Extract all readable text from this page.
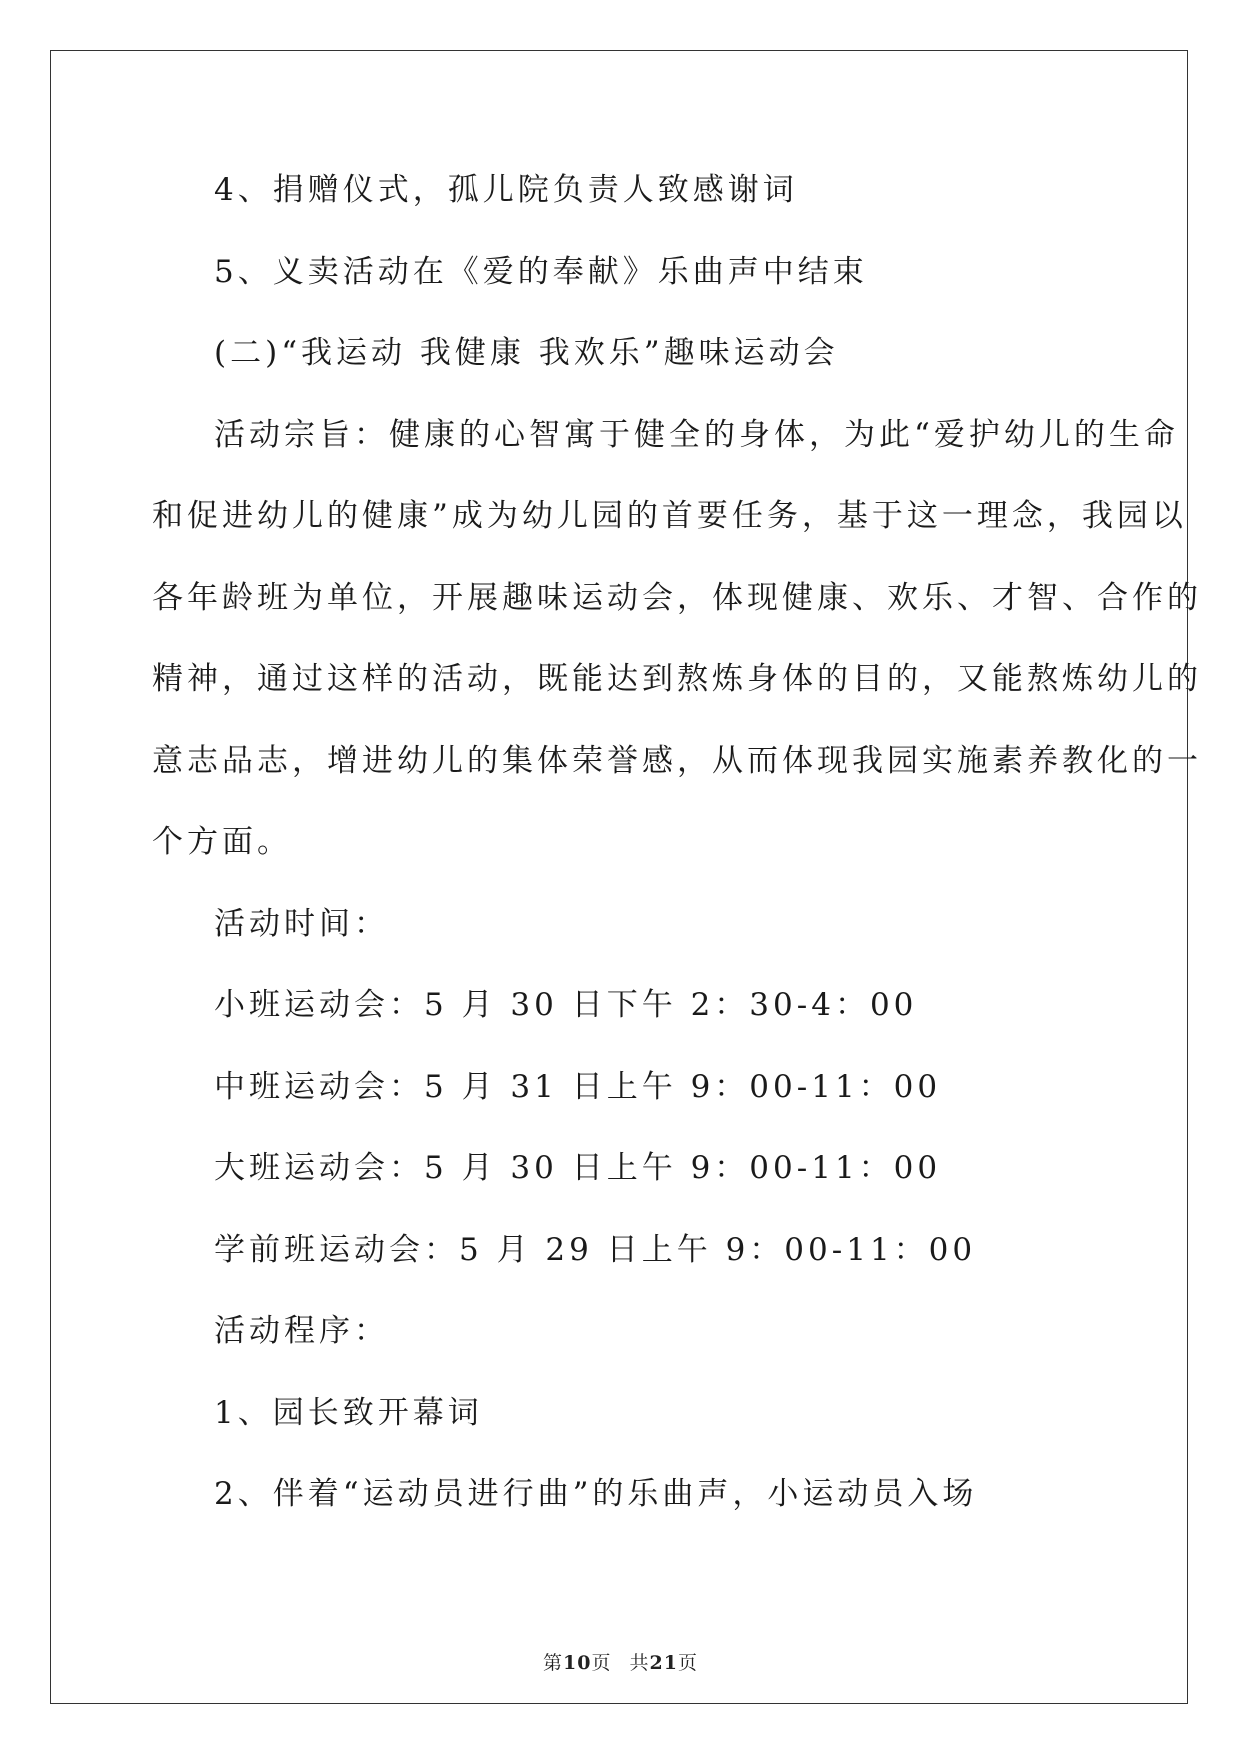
4、捐赠仪式，孤儿院负责人致感谢词

5、义卖活动在《爱的奉献》乐曲声中结束

(二)“我运动 我健康 我欢乐”趣味运动会

活动宗旨：健康的心智寓于健全的身体，为此“爱护幼儿的生命

和促进幼儿的健康”成为幼儿园的首要任务，基于这一理念，我园以

各年龄班为单位，开展趣味运动会，体现健康、欢乐、才智、合作的

精神，通过这样的活动，既能达到熬炼身体的目的，又能熬炼幼儿的

意志品志，增进幼儿的集体荣誉感，从而体现我园实施素养教化的一

个方面。

活动时间：

小班运动会：5 月 30 日下午 2：30-4：00

中班运动会：5 月 31 日上午 9：00-11：00

大班运动会：5 月 30 日上午 9：00-11：00

学前班运动会：5 月 29 日上午 9：00-11：00

活动程序：

1、园长致开幕词

2、伴着“运动员进行曲”的乐曲声，小运动员入场

第10页 共21页
